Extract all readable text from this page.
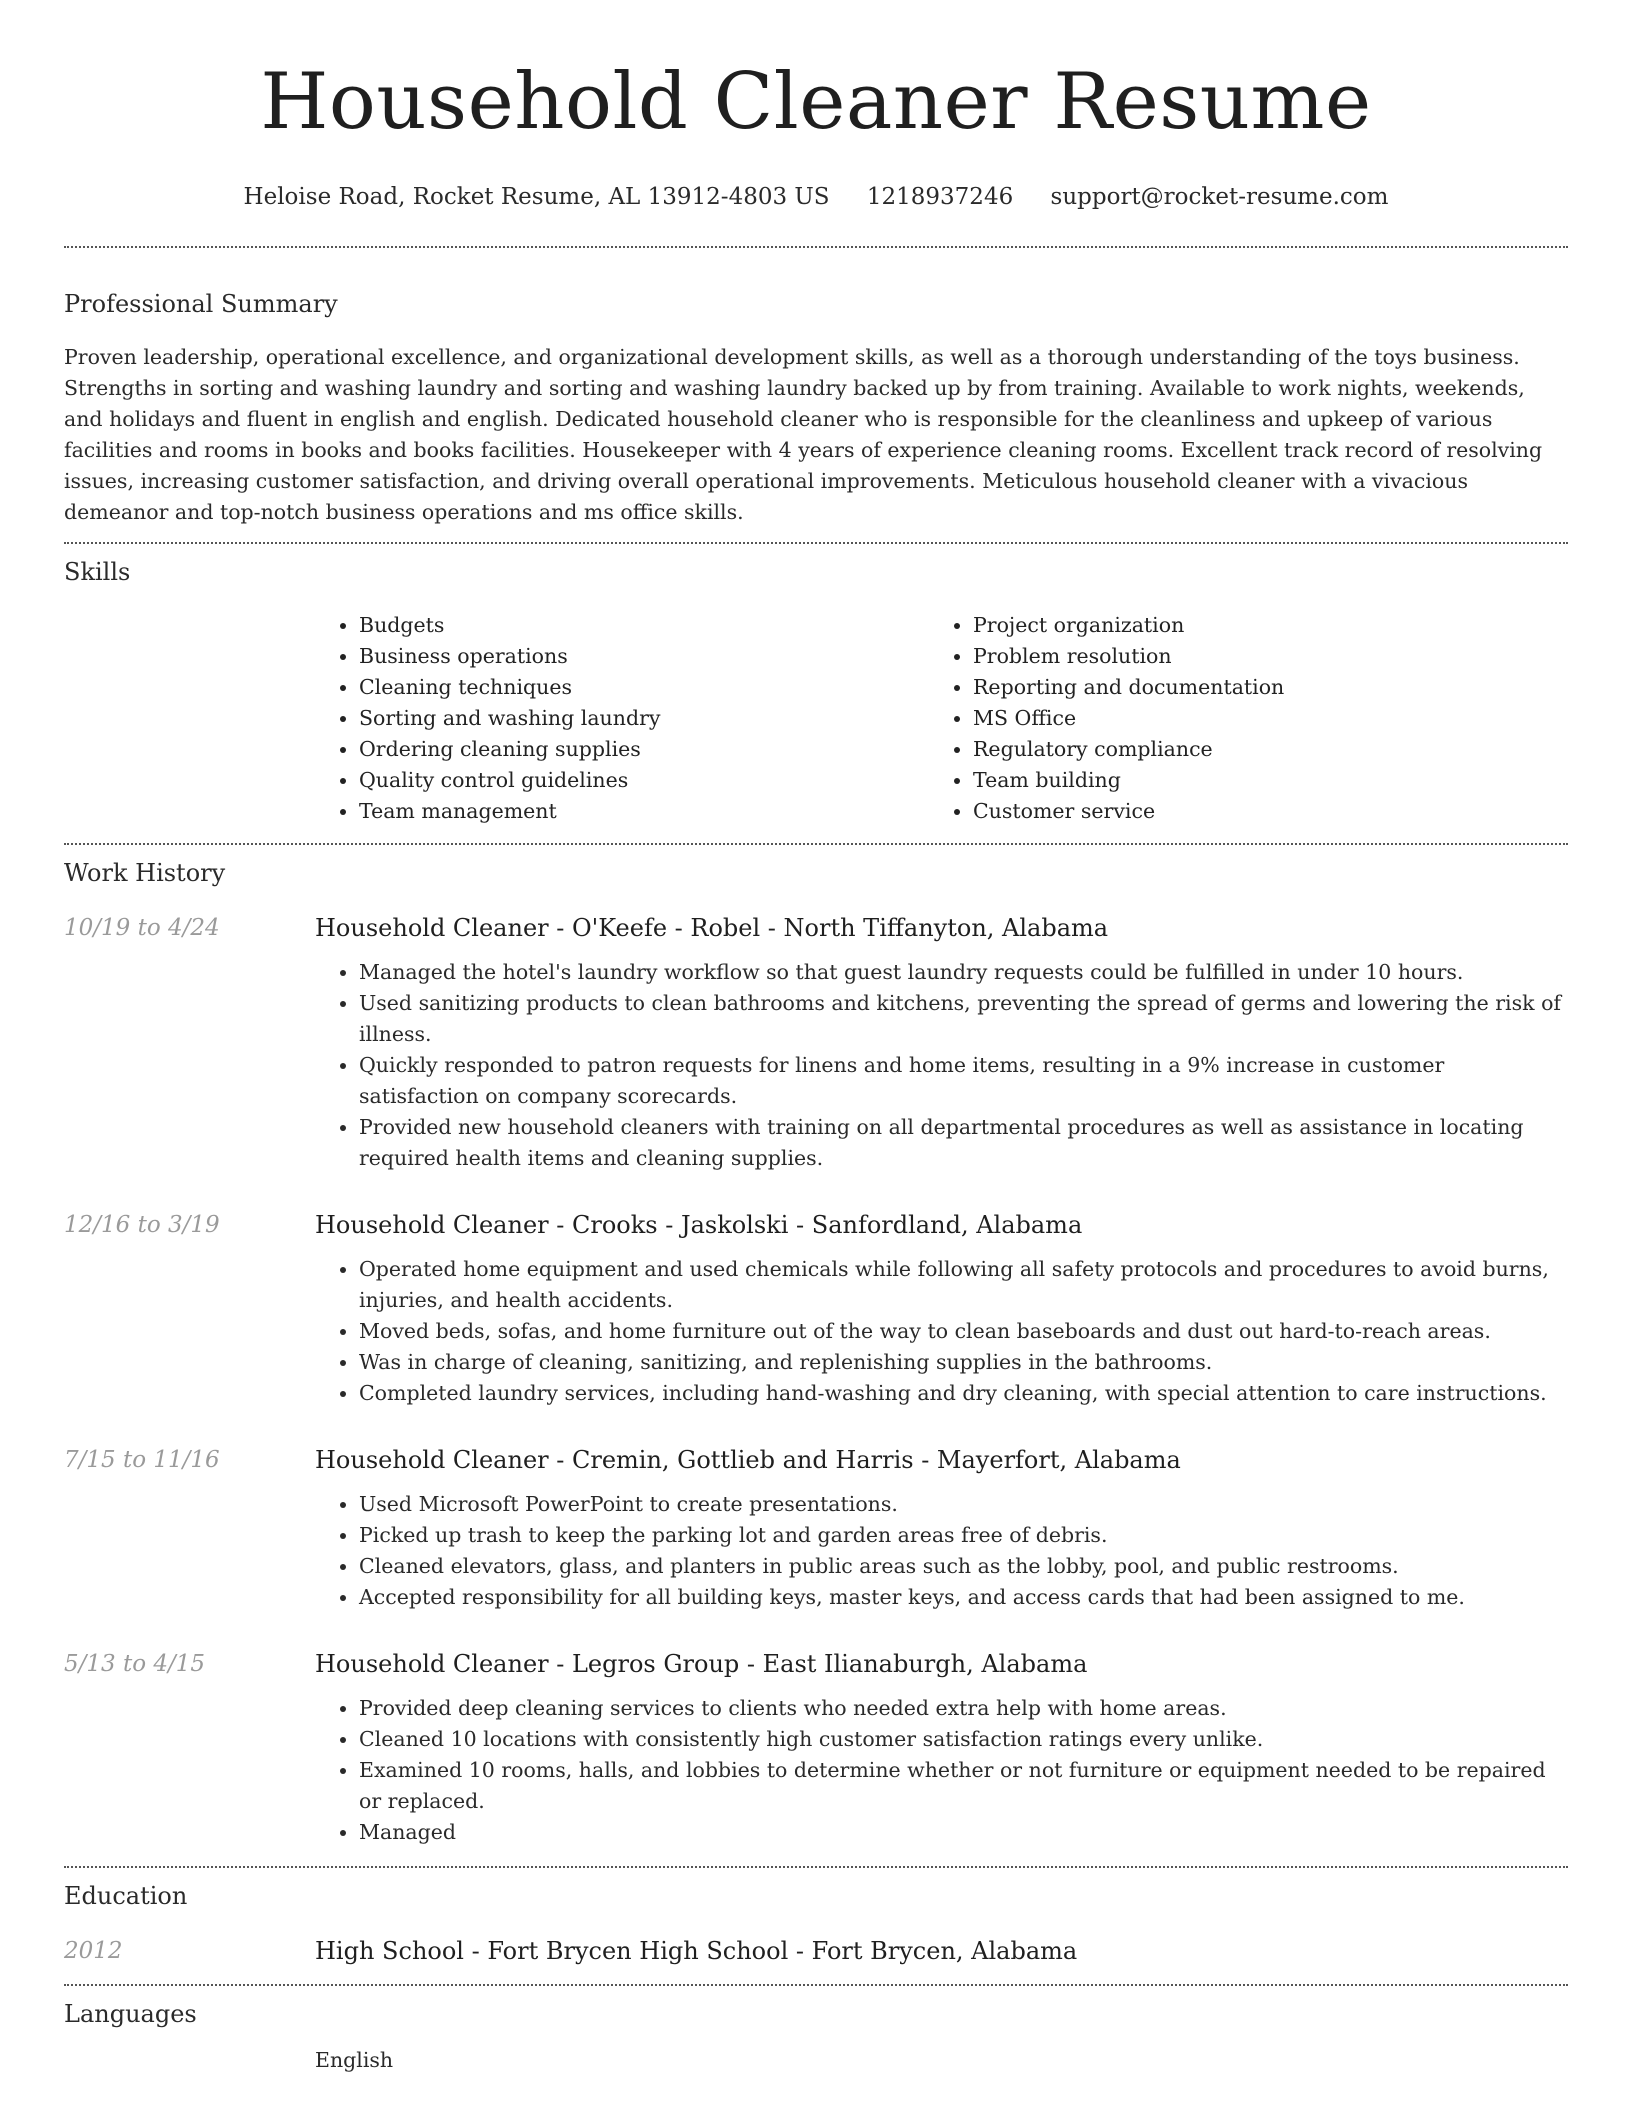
Household Cleaner Resume
Heloise Road, Rocket Resume, AL 13912-4803 US 1218937246 support@rocket-resume.com
Professional Summary

Proven leadership, operational excellence, and organizational development skills, as well as a thorough understanding of the toys business. Strengths in sorting and washing laundry and sorting and washing laundry backed up by from training. Available to work nights, weekends, and holidays and fluent in english and english. Dedicated household cleaner who is responsible for the cleanliness and upkeep of various facilities and rooms in books and books facilities. Housekeeper with 4 years of experience cleaning rooms. Excellent track record of resolving issues, increasing customer satisfaction, and driving overall operational improvements. Meticulous household cleaner with a vivacious demeanor and top-notch business operations and ms office skills.

Skills
• Budgets
• Business operations
• Cleaning techniques
• Sorting and washing laundry
• Ordering cleaning supplies
• Quality control guidelines
• Team management
• Project organization
• Problem resolution
• Reporting and documentation
• MS Office
• Regulatory compliance
• Team building
• Customer service
Work History
10/19 to 4/24	Household Cleaner - O'Keefe - Robel - North Tiffanyton, Alabama
• Managed the hotel's laundry workflow so that guest laundry requests could be fulfilled in under 10 hours.
• Used sanitizing products to clean bathrooms and kitchens, preventing the spread of germs and lowering the risk of illness.
• Quickly responded to patron requests for linens and home items, resulting in a 9% increase in customer satisfaction on company scorecards.
• Provided new household cleaners with training on all departmental procedures as well as assistance in locating required health items and cleaning supplies.
12/16 to 3/19	Household Cleaner - Crooks - Jaskolski - Sanfordland, Alabama
• Operated home equipment and used chemicals while following all safety protocols and procedures to avoid burns, injuries, and health accidents.
• Moved beds, sofas, and home furniture out of the way to clean baseboards and dust out hard-to-reach areas.
• Was in charge of cleaning, sanitizing, and replenishing supplies in the bathrooms.
• Completed laundry services, including hand-washing and dry cleaning, with special attention to care instructions.
7/15 to 11/16	Household Cleaner - Cremin, Gottlieb and Harris - Mayerfort, Alabama
• Used Microsoft PowerPoint to create presentations.
• Picked up trash to keep the parking lot and garden areas free of debris.
• Cleaned elevators, glass, and planters in public areas such as the lobby, pool, and public restrooms.
• Accepted responsibility for all building keys, master keys, and access cards that had been assigned to me.
5/13 to 4/15	Household Cleaner - Legros Group - East Ilianaburgh, Alabama
• Provided deep cleaning services to clients who needed extra help with home areas.
• Cleaned 10 locations with consistently high customer satisfaction ratings every unlike.
• Examined 10 rooms, halls, and lobbies to determine whether or not furniture or equipment needed to be repaired or replaced.
• Managed
Education
2012	High School - Fort Brycen High School - Fort Brycen, Alabama
Languages
English
